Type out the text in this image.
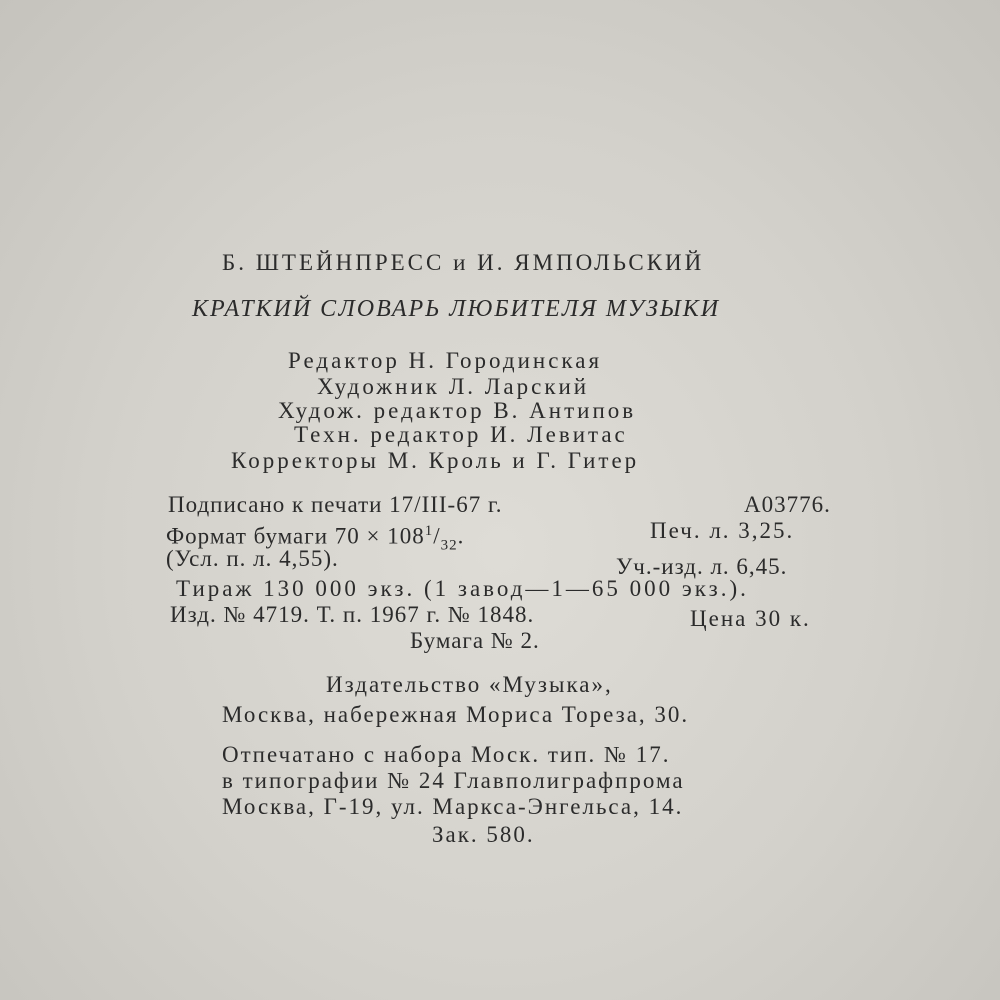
Б. ШТЕЙНПРЕСС и И. ЯМПОЛЬСКИЙ
КРАТКИЙ СЛОВАРЬ ЛЮБИТЕЛЯ МУЗЫКИ
Редактор Н. Городинская
Художник Л. Ларский
Худож. редактор В. Антипов
Техн. редактор И. Левитас
Корректоры М. Кроль и Г. Гитер
Подписано к печати 17/III-67 г.	А03776.
Формат бумаги $70 \times 108^1/_{32}$.	Печ. л. 3,25.
(Усл. п. л. 4,55).	Уч.-изд. л. 6,45.
Тираж 130 000 экз. (1 завод—1—65 000 экз.).
Изд. № 4719. Т. п. 1967 г. № 1848.	Цена 30 к.
Бумага № 2.
Издательство «Музыка»,
Москва, набережная Мориса Тореза, 30.
Отпечатано с набора Моск. тип. № 17.
в типографии № 24 Главполиграфпрома
Москва, Г-19, ул. Маркса-Энгельса, 14.
Зак. 580.
